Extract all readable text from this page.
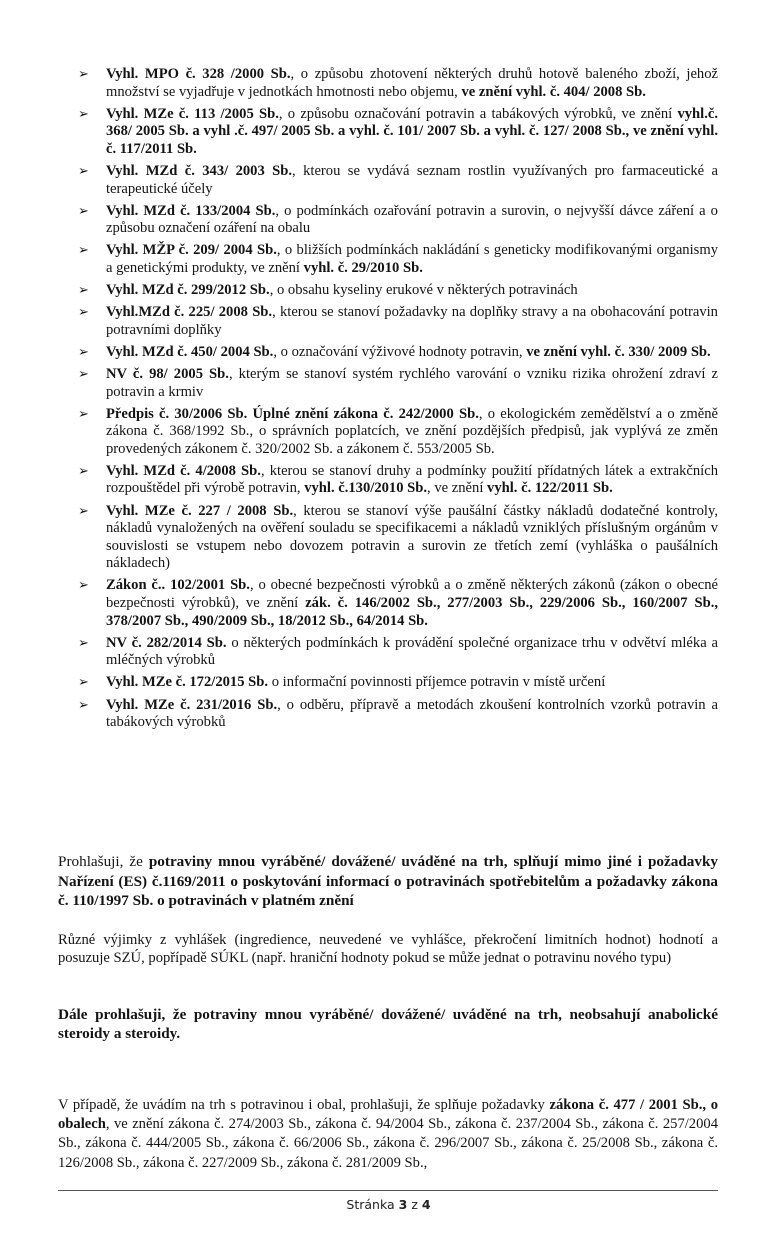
➢ Vyhl. MPO č. 328 /2000 Sb., o způsobu zhotovení některých druhů hotově baleného zboží, jehož množství se vyjadřuje v jednotkách hmotnosti nebo objemu, ve znění vyhl. č. 404/ 2008 Sb.
➢ Vyhl. MZe č. 113 /2005 Sb., o způsobu označování potravin a tabákových výrobků, ve znění vyhl.č. 368/ 2005 Sb. a vyhl .č. 497/ 2005 Sb. a vyhl. č. 101/ 2007 Sb. a vyhl. č. 127/ 2008 Sb., ve znění vyhl. č. 117/2011 Sb.
➢ Vyhl. MZd č. 343/ 2003 Sb., kterou se vydává seznam rostlin využívaných pro farmaceutické a terapeutické účely
➢ Vyhl. MZd č. 133/2004 Sb., o podmínkách ozařování potravin a surovin, o nejvyšší dávce záření a o způsobu označení ozáření na obalu
➢ Vyhl. MŽP č. 209/ 2004 Sb., o bližších podmínkách nakládání s geneticky modifikovanými organismy a genetickými produkty, ve znění vyhl. č. 29/2010 Sb.
➢ Vyhl. MZd č. 299/2012 Sb., o obsahu kyseliny erukové v některých potravinách
➢ Vyhl.MZd č. 225/ 2008 Sb., kterou se stanoví požadavky na doplňky stravy a na obohacování potravin potravními doplňky
➢ Vyhl. MZd č. 450/ 2004 Sb., o označování výživové hodnoty potravin, ve znění vyhl. č. 330/ 2009 Sb.
➢ NV č. 98/ 2005 Sb., kterým se stanoví systém rychlého varování o vzniku rizika ohrožení zdraví z potravin a krmiv
➢ Předpis č. 30/2006 Sb. Úplné znění zákona č. 242/2000 Sb., o ekologickém zemědělství a o změně zákona č. 368/1992 Sb., o správních poplatcích, ve znění pozdějších předpisů, jak vyplývá ze změn provedených zákonem č. 320/2002 Sb. a zákonem č. 553/2005 Sb.
➢ Vyhl. MZd č. 4/2008 Sb., kterou se stanoví druhy a podmínky použití přídatných látek a extrakčních rozpouštědel při výrobě potravin, vyhl. č.130/2010 Sb., ve znění vyhl. č. 122/2011 Sb.
➢ Vyhl. MZe č. 227 / 2008 Sb., kterou se stanoví výše paušální částky nákladů dodatečné kontroly, nákladů vynaložených na ověření souladu se specifikacemi a nákladů vzniklých příslušným orgánům v souvislosti se vstupem nebo dovozem potravin a surovin ze třetích zemí (vyhláška o paušálních nákladech)
➢ Zákon č.. 102/2001 Sb., o obecné bezpečnosti výrobků a o změně některých zákonů (zákon o obecné bezpečnosti výrobků), ve znění zák. č. 146/2002 Sb., 277/2003 Sb., 229/2006 Sb., 160/2007 Sb., 378/2007 Sb., 490/2009 Sb., 18/2012 Sb., 64/2014 Sb.
➢ NV č. 282/2014 Sb. o některých podmínkách k provádění společné organizace trhu v odvětví mléka a mléčných výrobků
➢ Vyhl. MZe č. 172/2015 Sb. o informační povinnosti příjemce potravin v místě určení
➢ Vyhl. MZe č. 231/2016 Sb., o odběru, přípravě a metodách zkoušení kontrolních vzorků potravin a tabákových výrobků

Prohlašuji, že potraviny mnou vyráběné/ dovážené/ uváděné na trh, splňují mimo jiné i požadavky Nařízení (ES) č.1169/2011 o poskytování informací o potravinách spotřebitelům a požadavky zákona č. 110/1997 Sb. o potravinách v platném znění

Různé výjimky z vyhlášek (ingredience, neuvedené ve vyhlášce, překročení limitních hodnot) hodnotí a posuzuje SZÚ, popřípadě SÚKL (např. hraniční hodnoty pokud se může jednat o potravinu nového typu)

Dále prohlašuji, že potraviny mnou vyráběné/ dovážené/ uváděné na trh, neobsahují anabolické steroidy a steroidy.

V případě, že uvádím na trh s potravinou i obal, prohlašuji, že splňuje požadavky zákona č. 477 / 2001 Sb., o obalech, ve znění zákona č. 274/2003 Sb., zákona č. 94/2004 Sb., zákona č. 237/2004 Sb., zákona č. 257/2004 Sb., zákona č. 444/2005 Sb., zákona č. 66/2006 Sb., zákona č. 296/2007 Sb., zákona č. 25/2008 Sb., zákona č. 126/2008 Sb., zákona č. 227/2009 Sb., zákona č. 281/2009 Sb.,

Stránka 3 z 4
